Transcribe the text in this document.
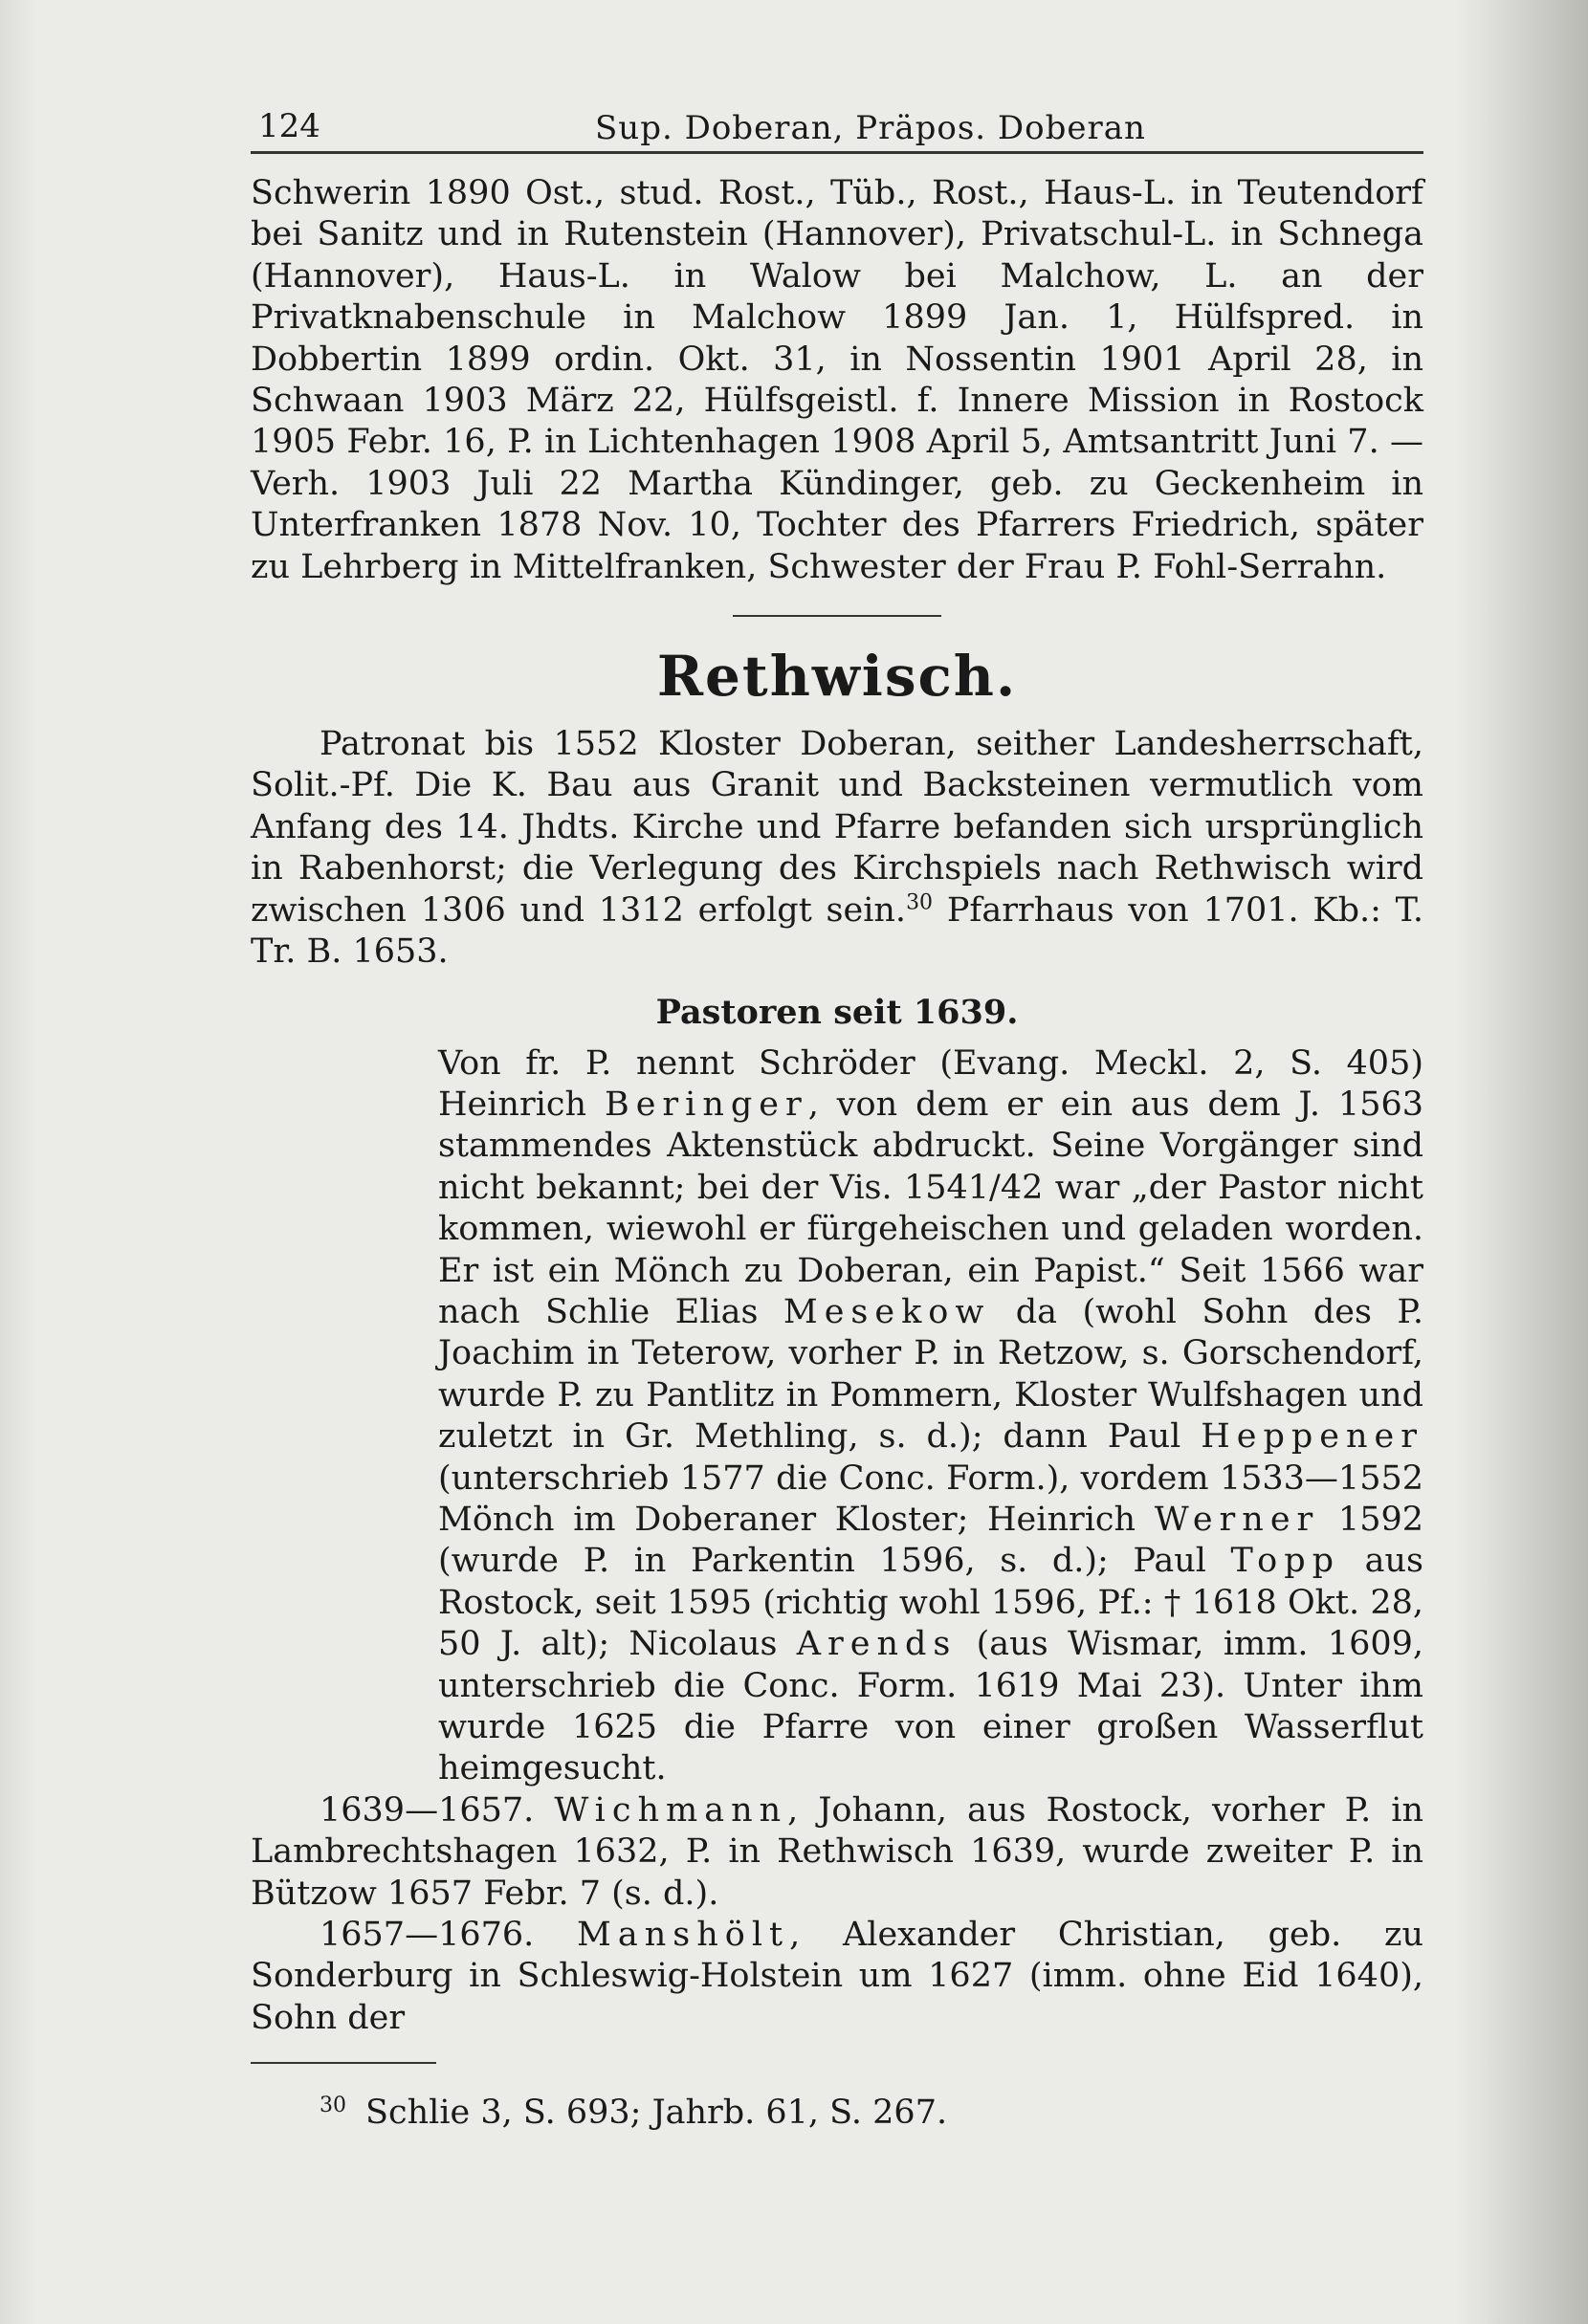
124	Sup. Doberan, Präpos. Doberan

Schwerin 1890 Ost., stud. Rost., Tüb., Rost., Haus-L. in Teutendorf bei Sanitz und in Rutenstein (Hannover), Privatschul-L. in Schnega (Hannover), Haus-L. in Walow bei Malchow, L. an der Privatknabenschule in Malchow 1899 Jan. 1, Hülfspred. in Dobbertin 1899 ordin. Okt. 31, in Nossentin 1901 April 28, in Schwaan 1903 März 22, Hülfsgeistl. f. Innere Mission in Rostock 1905 Febr. 16, P. in Lichtenhagen 1908 April 5, Amtsantritt Juni 7. — Verh. 1903 Juli 22 Martha Kündinger, geb. zu Geckenheim in Unterfranken 1878 Nov. 10, Tochter des Pfarrers Friedrich, später zu Lehrberg in Mittelfranken, Schwester der Frau P. Fohl-Serrahn.

Rethwisch.

Patronat bis 1552 Kloster Doberan, seither Landesherrschaft, Solit.-Pf. Die K. Bau aus Granit und Backsteinen vermutlich vom Anfang des 14. Jhdts. Kirche und Pfarre befanden sich ursprünglich in Rabenhorst; die Verlegung des Kirchspiels nach Rethwisch wird zwischen 1306 und 1312 erfolgt sein.$^{30}$ Pfarrhaus von 1701. Kb.: T. Tr. B. 1653.

Pastoren seit 1639.

Von fr. P. nennt Schröder (Evang. Meckl. 2, S. 405) Heinrich Beringer, von dem er ein aus dem J. 1563 stammendes Aktenstück abdruckt. Seine Vorgänger sind nicht bekannt; bei der Vis. 1541/42 war „der Pastor nicht kommen, wiewohl er fürgeheischen und geladen worden. Er ist ein Mönch zu Doberan, ein Papist.“ Seit 1566 war nach Schlie Elias Mesekow da (wohl Sohn des P. Joachim in Teterow, vorher P. in Retzow, s. Gorschendorf, wurde P. zu Pantlitz in Pommern, Kloster Wulfshagen und zuletzt in Gr. Methling, s. d.); dann Paul Heppener (unterschrieb 1577 die Conc. Form.), vordem 1533—1552 Mönch im Doberaner Kloster; Heinrich Werner 1592 (wurde P. in Parkentin 1596, s. d.); Paul Topp aus Rostock, seit 1595 (richtig wohl 1596, Pf.: † 1618 Okt. 28, 50 J. alt); Nicolaus Arends (aus Wismar, imm. 1609, unterschrieb die Conc. Form. 1619 Mai 23). Unter ihm wurde 1625 die Pfarre von einer großen Wasserflut heimgesucht.

1639—1657. Wichmann, Johann, aus Rostock, vorher P. in Lambrechtshagen 1632, P. in Rethwisch 1639, wurde zweiter P. in Bützow 1657 Febr. 7 (s. d.).

1657—1676. Manshölt, Alexander Christian, geb. zu Sonderburg in Schleswig-Holstein um 1627 (imm. ohne Eid 1640), Sohn der

$^{30}$ Schlie 3, S. 693; Jahrb. 61, S. 267.
